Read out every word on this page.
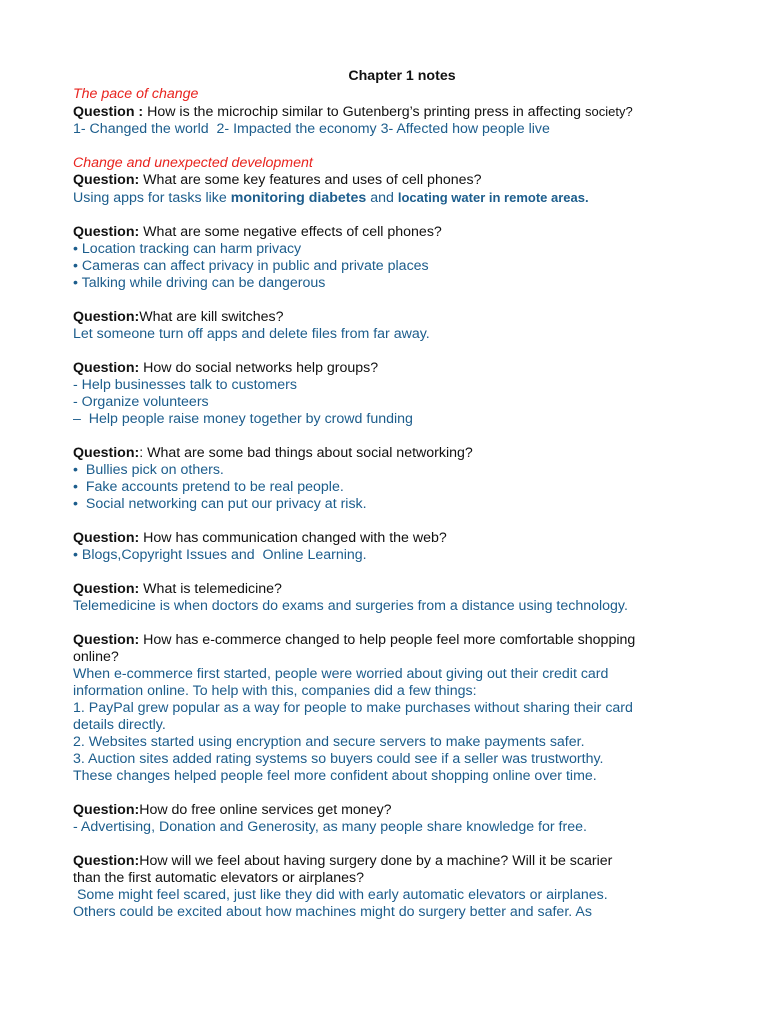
Chapter 1 notes
The pace of change
Question : How is the microchip similar to Gutenberg’s printing press in affecting society?
1- Changed the world  2- Impacted the economy 3- Affected how people live
Change and unexpected development
Question: What are some key features and uses of cell phones?
Using apps for tasks like monitoring diabetes and locating water in remote areas.
Question: What are some negative effects of cell phones?
• Location tracking can harm privacy
• Cameras can affect privacy in public and private places
• Talking while driving can be dangerous
Question:What are kill switches?
Let someone turn off apps and delete files from far away.
Question: How do social networks help groups?
- Help businesses talk to customers
- Organize volunteers
–  Help people raise money together by crowd funding
Question:: What are some bad things about social networking?
• Bullies pick on others.
• Fake accounts pretend to be real people.
• Social networking can put our privacy at risk.
Question: How has communication changed with the web?
• Blogs,Copyright Issues and  Online Learning.
Question: What is telemedicine?
Telemedicine is when doctors do exams and surgeries from a distance using technology.
Question: How has e-commerce changed to help people feel more comfortable shopping
online?
When e-commerce first started, people were worried about giving out their credit card
information online. To help with this, companies did a few things:
1. PayPal grew popular as a way for people to make purchases without sharing their card
details directly.
2. Websites started using encryption and secure servers to make payments safer.
3. Auction sites added rating systems so buyers could see if a seller was trustworthy.
These changes helped people feel more confident about shopping online over time.
Question:How do free online services get money?
- Advertising, Donation and Generosity, as many people share knowledge for free.
Question:How will we feel about having surgery done by a machine? Will it be scarier
than the first automatic elevators or airplanes?
Some might feel scared, just like they did with early automatic elevators or airplanes.
Others could be excited about how machines might do surgery better and safer. As
